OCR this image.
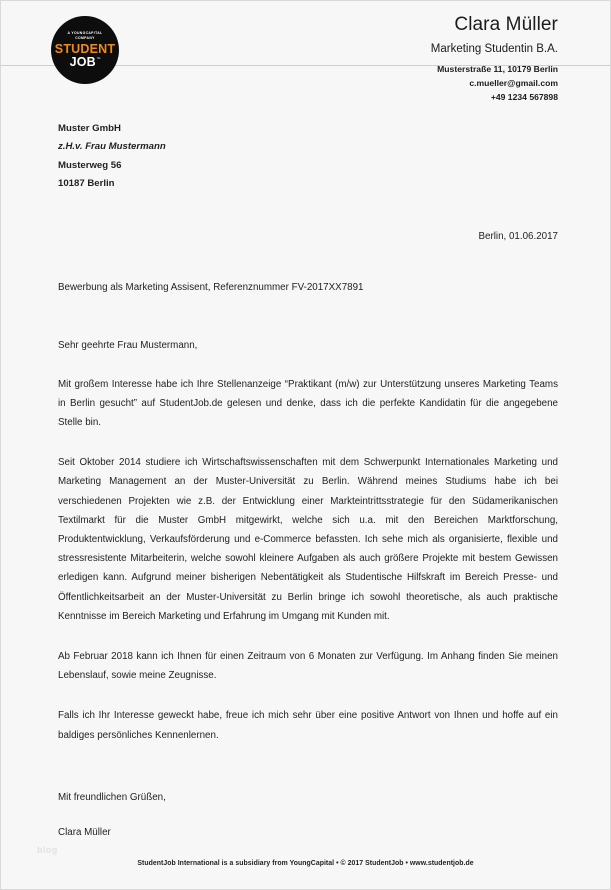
A YOUNGCAPITAL
COMPANY
STUDENT
JOB ™
Clara Müller
Marketing Studentin B.A.
Musterstraße 11, 10179 Berlin
c.mueller@gmail.com
+49 1234 567898
Muster GmbH
z.H.v. Frau Mustermann
Musterweg 56
10187 Berlin
Berlin, 01.06.2017
Bewerbung als Marketing Assisent, Referenznummer FV-2017XX7891
Sehr geehrte Frau Mustermann,
Mit großem Interesse habe ich Ihre Stellenanzeige “Praktikant (m/w) zur Unterstützung unseres Marketing Teams in Berlin gesucht” auf StudentJob.de gelesen und denke, dass ich die perfekte Kandidatin für die angegebene Stelle bin.
Seit Oktober 2014 studiere ich Wirtschaftswissenschaften mit dem Schwerpunkt Internationales Marketing und Marketing Management an der Muster-Universität zu Berlin. Während meines Studiums habe ich bei verschiedenen Projekten wie z.B. der Entwicklung einer Markteintrittsstrategie für den Südamerikanischen Textilmarkt für die Muster GmbH mitgewirkt, welche sich u.a. mit den Bereichen Marktforschung, Produktentwicklung, Verkaufsförderung und e-Commerce befassten. Ich sehe mich als organisierte, flexible und stressresistente Mitarbeiterin, welche sowohl kleinere Aufgaben als auch größere Projekte mit bestem Gewissen erledigen kann. Aufgrund meiner bisherigen Nebentätigkeit als Studentische Hilfskraft im Bereich Presse- und Öffentlichkeitsarbeit an der Muster-Universität zu Berlin bringe ich sowohl theoretische, als auch praktische Kenntnisse im Bereich Marketing und Erfahrung im Umgang mit Kunden mit.
Ab Februar 2018 kann ich Ihnen für einen Zeitraum von 6 Monaten zur Verfügung. Im Anhang finden Sie meinen Lebenslauf, sowie meine Zeugnisse.
Falls ich Ihr Interesse geweckt habe, freue ich mich sehr über eine positive Antwort von Ihnen und hoffe auf ein baldiges persönliches Kennenlernen.
Mit freundlichen Grüßen,
Clara Müller
blog
StudentJob International is a subsidiary from YoungCapital • © 2017 StudentJob • www.studentjob.de
